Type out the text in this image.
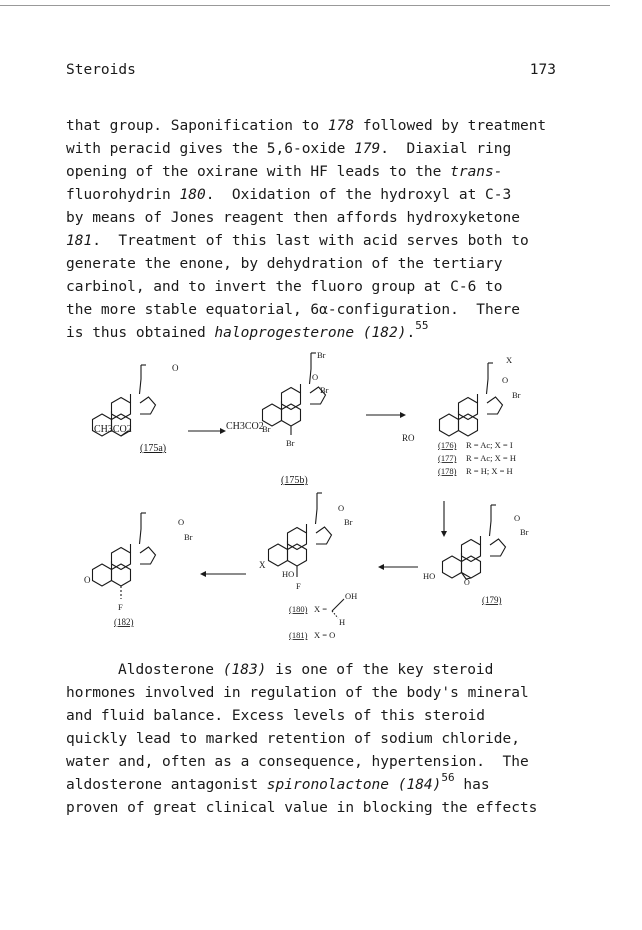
Steroids	173
that group. Saponification to 178 followed by treatment
with peracid gives the 5,6-oxide 179.  Diaxial ring
opening of the oxirane with HF leads to the trans-
fluorohydrin 180.  Oxidation of the hydroxyl at C-3
by means of Jones reagent then affords hydroxyketone
181.  Treatment of this last with acid serves both to
generate the enone, by dehydration of the tertiary
carbinol, and to invert the fluoro group at C-6 to
the more stable equatorial, 6α-configuration.  There
is thus obtained haloprogesterone (182).$^{55}$
CH3CO2
O
(175a)
CH3CO2
Br
O
Br
Br
Br
(175b)
RO
X
O
Br
(176) R = Ac; X = I
(177) R = Ac; X = H
(178) R = H; X = H
O
O
Br
F
(182)
X
HO
F
O
Br
(180) X =
OH
H
(181) X = O
HO
O
O
Br
(179)
Aldosterone (183) is one of the key steroid
hormones involved in regulation of the body's mineral
and fluid balance. Excess levels of this steroid
quickly lead to marked retention of sodium chloride,
water and, often as a consequence, hypertension.  The
aldosterone antagonist spironolactone $(184)^{56}$ has
proven of great clinical value in blocking the effects
